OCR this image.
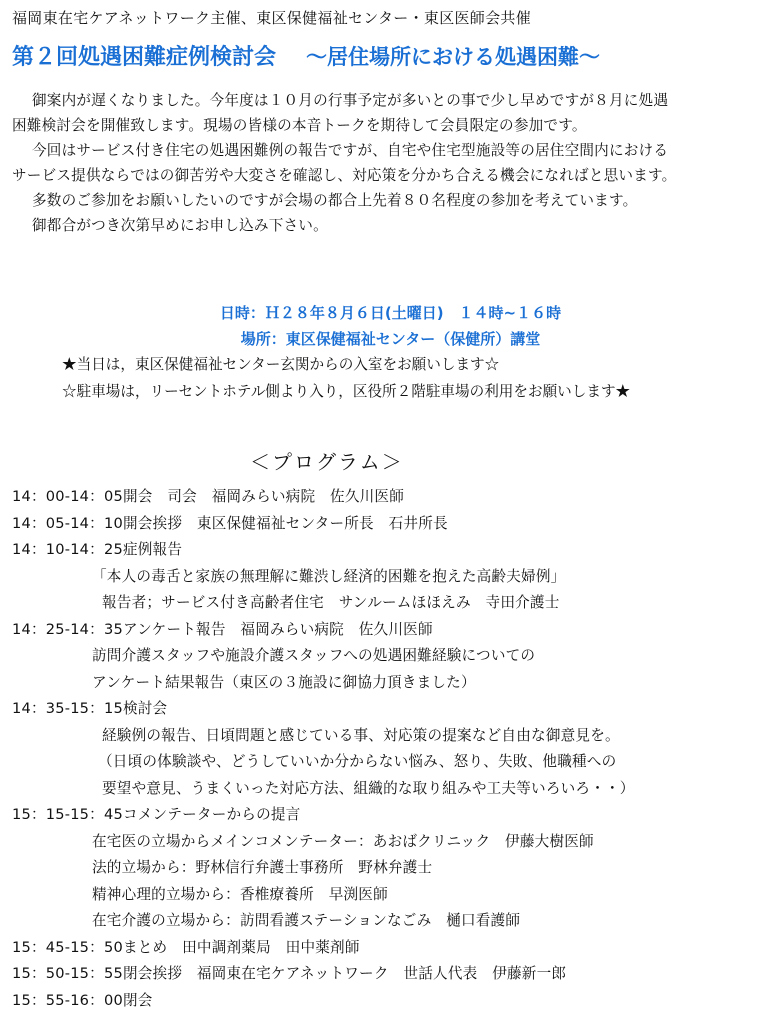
福岡東在宅ケアネットワーク主催、東区保健福祉センター・東区医師会共催
第２回処遇困難症例検討会 ～居住場所における処遇困難～

御案内が遅くなりました。今年度は１０月の行事予定が多いとの事で少し早めですが８月に処遇

困難検討会を開催致します。現場の皆様の本音トークを期待して会員限定の参加です。

今回はサービス付き住宅の処遇困難例の報告ですが、自宅や住宅型施設等の居住空間内における

サービス提供ならではの御苦労や大変さを確認し、対応策を分かち合える機会になればと思います。

多数のご参加をお願いしたいのですが会場の都合上先着８０名程度の参加を考えています。

御都合がつき次第早めにお申し込み下さい。

日時：Ｈ２８年８月６日(土曜日)　１４時~１６時
場所：東区保健福祉センター（保健所）講堂
★当日は，東区保健福祉センター玄関からの入室をお願いします☆
☆駐車場は，リーセントホテル側より入り，区役所２階駐車場の利用をお願いします★
＜プログラム＞
14：00-14：05開会　司会　福岡みらい病院　佐久川医師
14：05-14：10開会挨拶　東区保健福祉センター所長　石井所長
14：10-14：25症例報告
「本人の毒舌と家族の無理解に難渋し経済的困難を抱えた高齢夫婦例」
報告者；サービス付き高齢者住宅　サンルームほほえみ　寺田介護士
14：25-14：35アンケート報告　福岡みらい病院　佐久川医師
訪問介護スタッフや施設介護スタッフへの処遇困難経験についての
アンケート結果報告（東区の３施設に御協力頂きました）
14：35-15：15検討会
経験例の報告、日頃問題と感じている事、対応策の提案など自由な御意見を。
（日頃の体験談や、どうしていいか分からない悩み、怒り、失敗、他職種への
要望や意見、うまくいった対応方法、組織的な取り組みや工夫等いろいろ・・）
15：15-15：45コメンテーターからの提言
在宅医の立場からメインコメンテーター：あおばクリニック　伊藤大樹医師
法的立場から：野林信行弁護士事務所　野林弁護士
精神心理的立場から：香椎療養所　早渕医師
在宅介護の立場から：訪問看護ステーションなごみ　樋口看護師
15：45-15：50まとめ　田中調剤薬局　田中薬剤師
15：50-15：55閉会挨拶　福岡東在宅ケアネットワーク　世話人代表　伊藤新一郎
15：55-16：00閉会
